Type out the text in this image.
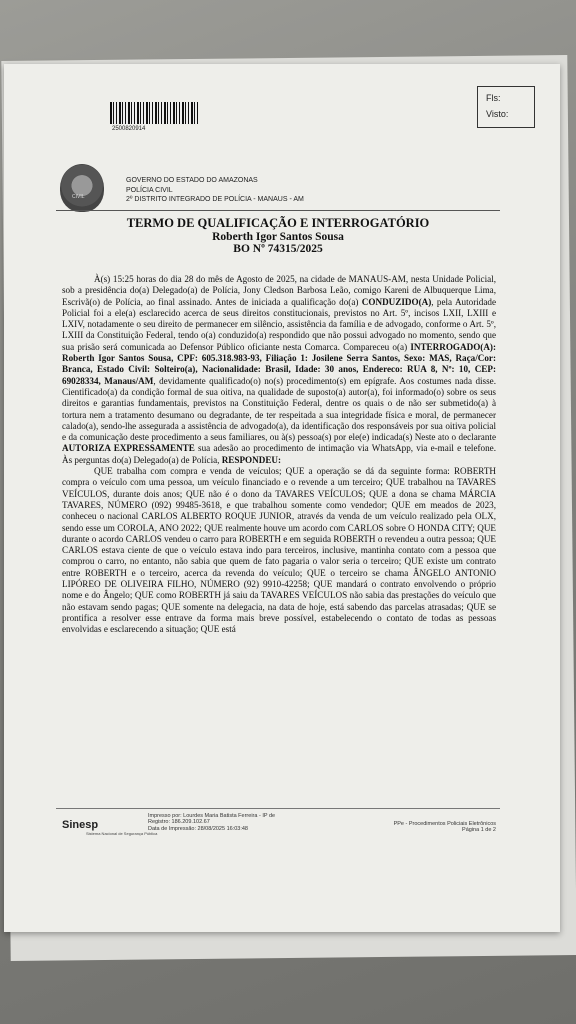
2500820914
Fls:
Visto:
CIVIL
GOVERNO DO ESTADO DO AMAZONAS
POLÍCIA CIVIL
2º DISTRITO INTEGRADO DE POLÍCIA - MANAUS - AM
TERMO DE QUALIFICAÇÃO E INTERROGATÓRIO
Roberth Igor Santos Sousa
BO Nº 74315/2025

À(s) 15:25 horas do dia 28 do mês de Agosto de 2025, na cidade de MANAUS-AM, nesta Unidade Policial, sob a presidência do(a) Delegado(a) de Polícia, Jony Cledson Barbosa Leão, comigo Kareni de Albuquerque Lima, Escrivã(o) de Polícia, ao final assinado. Antes de iniciada a qualificação do(a) CONDUZIDO(A), pela Autoridade Policial foi a ele(a) esclarecido acerca de seus direitos constitucionais, previstos no Art. 5º, incisos LXII, LXIII e LXIV, notadamente o seu direito de permanecer em silêncio, assistência da família e de advogado, conforme o Art. 5º, LXIII da Constituição Federal, tendo o(a) conduzido(a) respondido que não possui advogado no momento, sendo que sua prisão será comunicada ao Defensor Público oficiante nesta Comarca. Compareceu o(a) INTERROGADO(A): Roberth Igor Santos Sousa, CPF: 605.318.983-93, Filiação 1: Josilene Serra Santos, Sexo: MAS, Raça/Cor: Branca, Estado Civil: Solteiro(a), Nacionalidade: Brasil, Idade: 30 anos, Endereco: RUA 8, Nº: 10, CEP: 69028334, Manaus/AM, devidamente qualificado(o) no(s) procedimento(s) em epígrafe. Aos costumes nada disse. Cientificado(a) da condição formal de sua oitiva, na qualidade de suposto(a) autor(a), foi informado(o) sobre os seus direitos e garantias fundamentais, previstos na Constituição Federal, dentre os quais o de não ser submetido(a) à tortura nem a tratamento desumano ou degradante, de ter respeitada a sua integridade física e moral, de permanecer calado(a), sendo-lhe assegurada a assistência de advogado(a), da identificação dos responsáveis por sua oitiva policial e da comunicação deste procedimento a seus familiares, ou à(s) pessoa(s) por ele(e) indicada(s) Neste ato o declarante AUTORIZA EXPRESSAMENTE sua adesão ao procedimento de intimação via WhatsApp, via e-mail e telefone. Às perguntas do(a) Delegado(a) de Polícia, RESPONDEU:

QUE trabalha com compra e venda de veículos; QUE a operação se dá da seguinte forma: ROBERTH compra o veículo com uma pessoa, um veículo financiado e o revende a um terceiro; QUE trabalhou na TAVARES VEÍCULOS, durante dois anos; QUE não é o dono da TAVARES VEÍCULOS; QUE a dona se chama MÁRCIA TAVARES, NÚMERO (092) 99485-3618, e que trabalhou somente como vendedor; QUE em meados de 2023, conheceu o nacional CARLOS ALBERTO ROQUE JUNIOR, através da venda de um veículo realizado pela OLX, sendo esse um COROLA, ANO 2022; QUE realmente houve um acordo com CARLOS sobre O HONDA CITY; QUE durante o acordo CARLOS vendeu o carro para ROBERTH e em seguida ROBERTH o revendeu a outra pessoa; QUE CARLOS estava ciente de que o veículo estava indo para terceiros, inclusive, mantinha contato com a pessoa que comprou o carro, no entanto, não sabia que quem de fato pagaria o valor seria o terceiro; QUE existe um contrato entre ROBERTH e o terceiro, acerca da revenda do veículo; QUE o terceiro se chama ÂNGELO ANTONIO LIPÓREO DE OLIVEIRA FILHO, NÚMERO (92) 9910-42258; QUE mandará o contrato envolvendo o próprio nome e do Ângelo; QUE como ROBERTH já saiu da TAVARES VEÍCULOS não sabia das prestações do veículo que não estavam sendo pagas; QUE somente na delegacia, na data de hoje, está sabendo das parcelas atrasadas; QUE se prontifica a resolver esse entrave da forma mais breve possível, estabelecendo o contato de todas as pessoas envolvidas e esclarecendo a situação; QUE está

Sinesp
Sistema Nacional de Segurança Pública
Impresso por: Lourdes Maria Batista Ferreira - IP de
Registro: 186.209.102.67
Data de Impressão: 28/08/2025 16:03:48
PPe - Procedimentos Policiais Eletrônicos
Página 1 de 2
